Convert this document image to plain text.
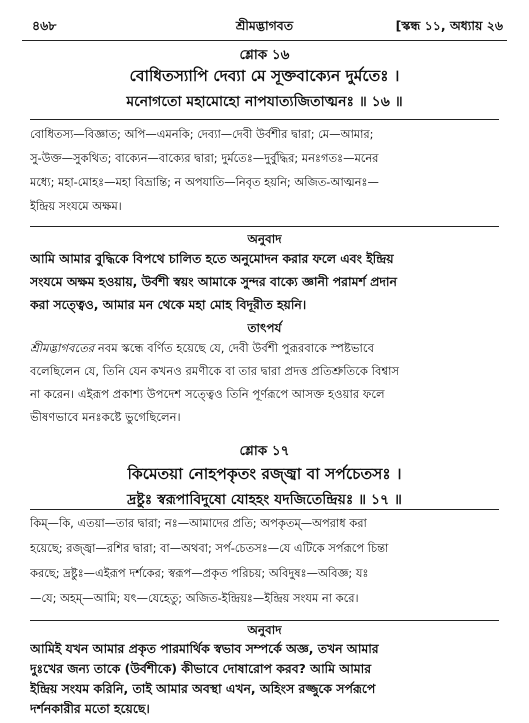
৪৬৮	শ্রীমদ্ভাগবত	[স্কন্ধ ১১, অধ্যায় ২৬
শ্লোক ১৬
বোধিতস্যাপি দেব্যা মে সূক্তবাক্যেন দুর্মতেঃ ।
মনোগতো মহামোহো নাপযাত্যজিতাত্মনঃ ॥ ১৬ ॥
বোধিতস্য—বিজ্ঞাত; অপি—এমনকি; দেব্যা—দেবী উর্বশীর দ্বারা; মে—আমার;
সু-উক্ত—সুকথিত; বাক্যেন—বাক্যের দ্বারা; দুর্মতেঃ—দুর্বুদ্ধির; মনঃগতঃ—মনের
মধ্যে; মহা-মোহঃ—মহা বিভ্রান্তি; ন অপযাতি—নিবৃত হয়নি; অজিত-আত্মনঃ—
ইন্দ্রিয় সংযমে অক্ষম।
অনুবাদ
আমি আমার বুদ্ধিকে বিপথে চালিত হতে অনুমোদন করার ফলে এবং ইন্দ্রিয়
সংযমে অক্ষম হওয়ায়, উর্বশী স্বয়ং আমাকে সুন্দর বাক্যে জ্ঞানী পরামর্শ প্রদান
করা সত্ত্বেও, আমার মন থেকে মহা মোহ বিদূরীত হয়নি।
তাৎপর্য
শ্রীমদ্ভাগবতের নবম স্কন্ধে বর্ণিত হয়েছে যে, দেবী উর্বশী পুরূরবাকে স্পষ্টভাবে
বলেছিলেন যে, তিনি যেন কখনও রমণীকে বা তার দ্বারা প্রদত্ত প্রতিশ্রুতিকে বিশ্বাস
না করেন। এইরূপ প্রকাশ্য উপদেশ সত্ত্বেও তিনি পূর্ণরূপে আসক্ত হওয়ার ফলে
ভীষণভাবে মনঃকষ্টে ভুগেছিলেন।
শ্লোক ১৭
কিমেতয়া নোহপকৃতং রজ্জ্বা বা সর্পচেতসঃ ।
দ্রষ্টুঃ স্বরূপাবিদুষো যোহহং যদজিতেন্দ্রিয়ঃ ॥ ১৭ ॥
কিম্—কি, এতয়া—তার দ্বারা; নঃ—আমাদের প্রতি; অপকৃতম্—অপরাধ করা
হয়েছে; রজ্জ্বা—রশির দ্বারা; বা—অথবা; সর্প-চেতসঃ—যে এটিকে সর্পরূপে চিন্তা
করছে; দ্রষ্টুঃ—এইরূপ দর্শকের; স্বরূপ—প্রকৃত পরিচয়; অবিদুষঃ—অবিজ্ঞ; যঃ
—যে; অহম্—আমি; যৎ—যেহেতু; অজিত-ইন্দ্রিয়ঃ—ইন্দ্রিয় সংযম না করে।
অনুবাদ
আমিই যখন আমার প্রকৃত পারমার্থিক স্বভাব সম্পর্কে অজ্ঞ, তখন আমার
দুঃখের জন্য তাকে (উর্বশীকে) কীভাবে দোষারোপ করব? আমি আমার
ইন্দ্রিয় সংযম করিনি, তাই আমার অবস্থা এখন, অহিংস রজ্জুকে সর্পরূপে
দর্শনকারীর মতো হয়েছে।
